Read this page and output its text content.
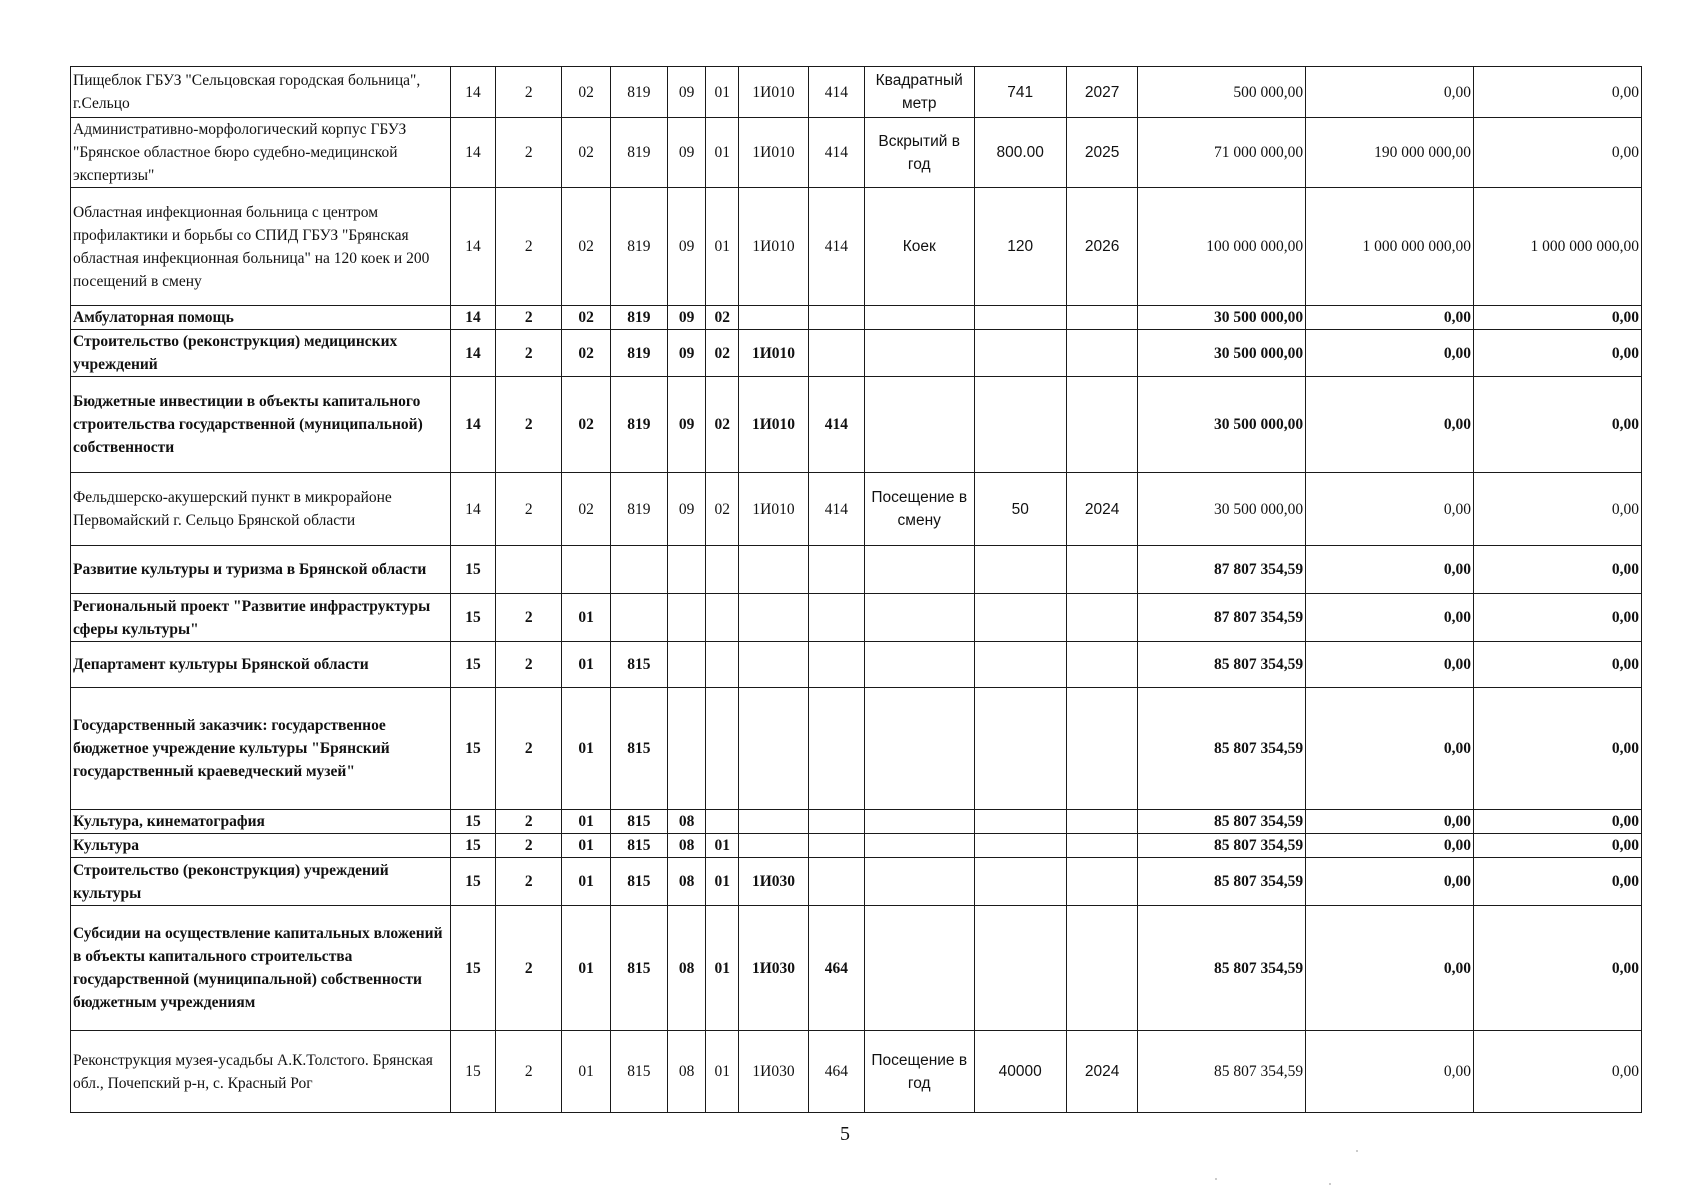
Пищеблок ГБУЗ "Сельцовская городская больница", г.Сельцо	14	2	02	819	09	01	1И010	414	Квадратный метр	741	2027	500 000,00	0,00	0,00
Административно-морфологический корпус ГБУЗ "Брянское областное бюро судебно-медицинской экспертизы"	14	2	02	819	09	01	1И010	414	Вскрытий в год	800.00	2025	71 000 000,00	190 000 000,00	0,00
Областная инфекционная больница с центром профилактики и борьбы со СПИД ГБУЗ "Брянская областная инфекционная больница" на 120 коек и 200 посещений в смену	14	2	02	819	09	01	1И010	414	Коек	120	2026	100 000 000,00	1 000 000 000,00	1 000 000 000,00
Амбулаторная помощь	14	2	02	819	09	02						30 500 000,00	0,00	0,00
Строительство (реконструкция) медицинских учреждений	14	2	02	819	09	02	1И010					30 500 000,00	0,00	0,00
Бюджетные инвестиции в объекты капитального строительства государственной (муниципальной) собственности	14	2	02	819	09	02	1И010	414				30 500 000,00	0,00	0,00
Фельдшерско-акушерский пункт в микрорайоне Первомайский г. Сельцо Брянской области	14	2	02	819	09	02	1И010	414	Посещение в смену	50	2024	30 500 000,00	0,00	0,00
Развитие культуры и туризма в Брянской области	15											87 807 354,59	0,00	0,00
Региональный проект "Развитие инфраструктуры сферы культуры"	15	2	01									87 807 354,59	0,00	0,00
Департамент культуры Брянской области	15	2	01	815								85 807 354,59	0,00	0,00
Государственный заказчик: государственное бюджетное учреждение культуры "Брянский государственный краеведческий музей"	15	2	01	815								85 807 354,59	0,00	0,00
Культура, кинематография	15	2	01	815	08							85 807 354,59	0,00	0,00
Культура	15	2	01	815	08	01						85 807 354,59	0,00	0,00
Строительство (реконструкция) учреждений культуры	15	2	01	815	08	01	1И030					85 807 354,59	0,00	0,00
Субсидии на осуществление капитальных вложений в объекты капитального строительства государственной (муниципальной) собственности бюджетным учреждениям	15	2	01	815	08	01	1И030	464				85 807 354,59	0,00	0,00
Реконструкция музея-усадьбы А.К.Толстого. Брянская обл., Почепский р-н, с. Красный Рог	15	2	01	815	08	01	1И030	464	Посещение в год	40000	2024	85 807 354,59	0,00	0,00
5
